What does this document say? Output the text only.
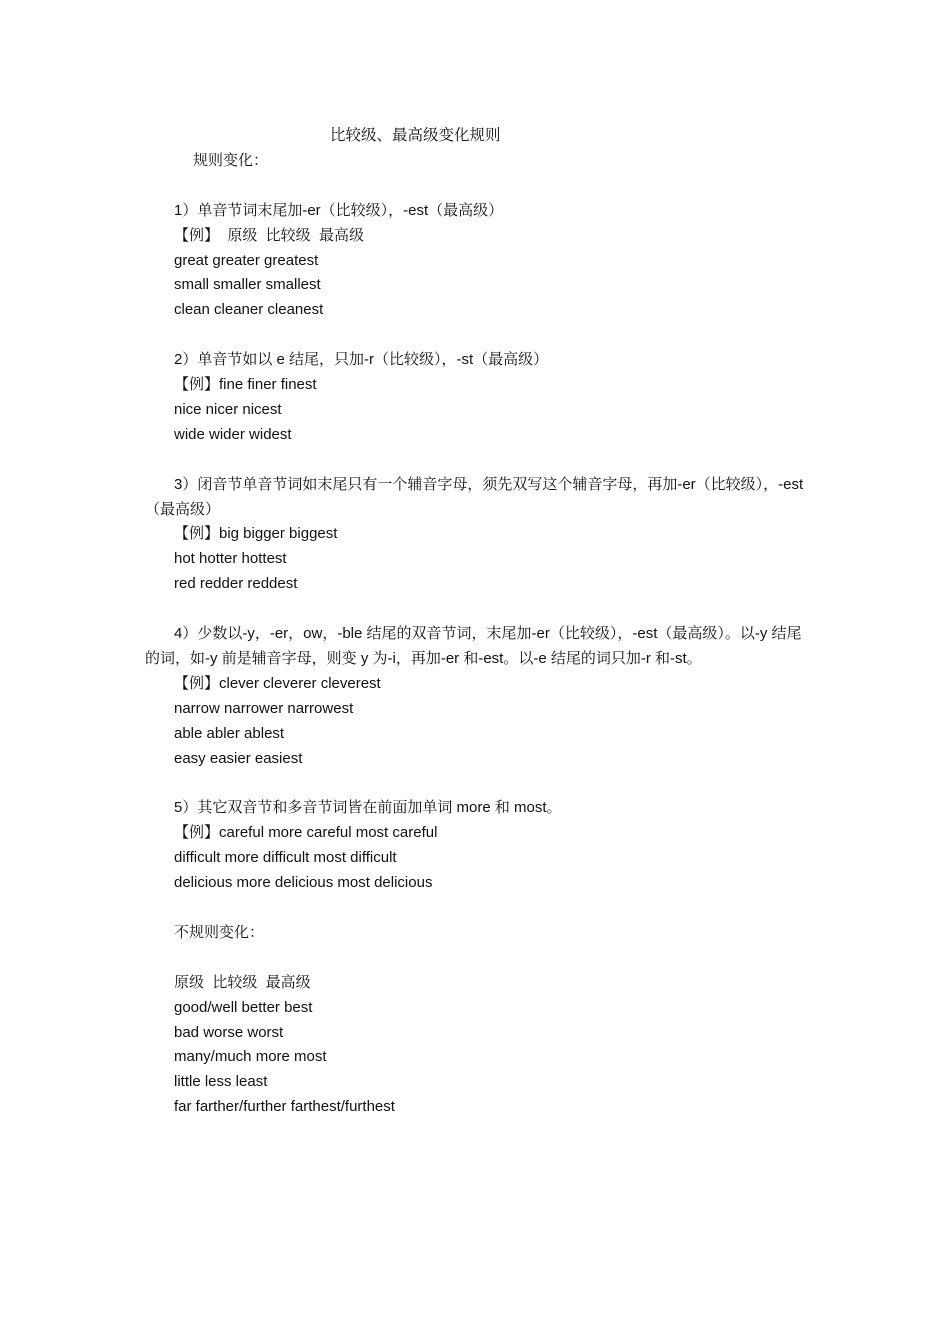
比较级、最高级变化规则

规则变化：

1）单音节词末尾加-er（比较级），-est（最高级）

【例】  原级  比较级  最高级

great greater greatest

small smaller smallest

clean cleaner cleanest

2）单音节如以 e 结尾，只加-r（比较级），-st（最高级）

【例】fine finer finest

nice nicer nicest

wide wider widest

3）闭音节单音节词如末尾只有一个辅音字母，须先双写这个辅音字母，再加-er（比较级），-est（最高级）

【例】big bigger biggest

hot hotter hottest

red redder reddest

4）少数以-y，-er，ow，-ble 结尾的双音节词，末尾加-er（比较级），-est（最高级）。以-y 结尾的词，如-y 前是辅音字母，则变 y 为-i，再加-er 和-est。以-e 结尾的词只加-r 和-st。

【例】clever cleverer cleverest

narrow narrower narrowest

able abler ablest

easy easier easiest

5）其它双音节和多音节词皆在前面加单词 more 和 most。

【例】careful more careful most careful

difficult more difficult most difficult

delicious more delicious most delicious

不规则变化：

原级  比较级  最高级

good/well better best

bad worse worst

many/much more most

little less least

far farther/further farthest/furthest
